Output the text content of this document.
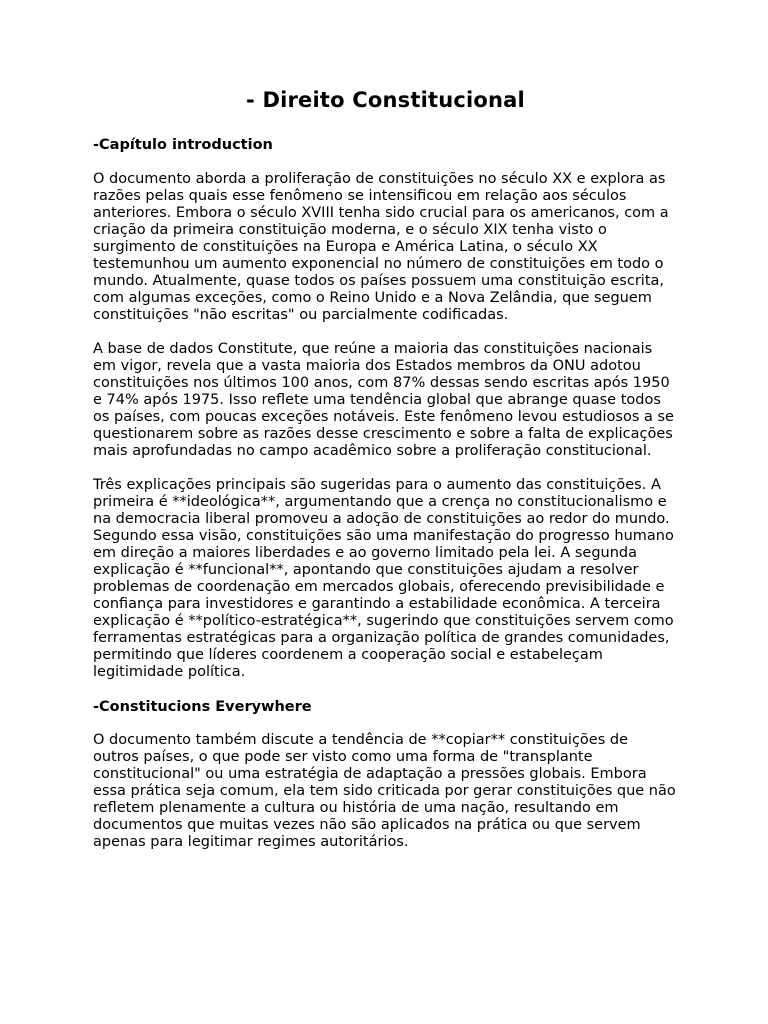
- Direito Constitucional
-Capítulo introduction

O documento aborda a proliferação de constituições no século XX e explora as razões pelas quais esse fenômeno se intensificou em relação aos séculos anteriores. Embora o século XVIII tenha sido crucial para os americanos, com a criação da primeira constituição moderna, e o século XIX tenha visto o surgimento de constituições na Europa e América Latina, o século XX testemunhou um aumento exponencial no número de constituições em todo o mundo. Atualmente, quase todos os países possuem uma constituição escrita, com algumas exceções, como o Reino Unido e a Nova Zelândia, que seguem constituições "não escritas" ou parcialmente codificadas.

A base de dados Constitute, que reúne a maioria das constituições nacionais em vigor, revela que a vasta maioria dos Estados membros da ONU adotou constituições nos últimos 100 anos, com 87% dessas sendo escritas após 1950 e 74% após 1975. Isso reflete uma tendência global que abrange quase todos os países, com poucas exceções notáveis. Este fenômeno levou estudiosos a se questionarem sobre as razões desse crescimento e sobre a falta de explicações mais aprofundadas no campo acadêmico sobre a proliferação constitucional.

Três explicações principais são sugeridas para o aumento das constituições. A primeira é **ideológica**, argumentando que a crença no constitucionalismo e na democracia liberal promoveu a adoção de constituições ao redor do mundo. Segundo essa visão, constituições são uma manifestação do progresso humano em direção a maiores liberdades e ao governo limitado pela lei. A segunda explicação é **funcional**, apontando que constituições ajudam a resolver problemas de coordenação em mercados globais, oferecendo previsibilidade e confiança para investidores e garantindo a estabilidade econômica. A terceira explicação é **político-estratégica**, sugerindo que constituições servem como ferramentas estratégicas para a organização política de grandes comunidades, permitindo que líderes coordenem a cooperação social e estabeleçam legitimidade política.

-Constitucions Everywhere

O documento também discute a tendência de **copiar** constituições de outros países, o que pode ser visto como uma forma de "transplante constitucional" ou uma estratégia de adaptação a pressões globais. Embora essa prática seja comum, ela tem sido criticada por gerar constituições que não refletem plenamente a cultura ou história de uma nação, resultando em documentos que muitas vezes não são aplicados na prática ou que servem apenas para legitimar regimes autoritários.
